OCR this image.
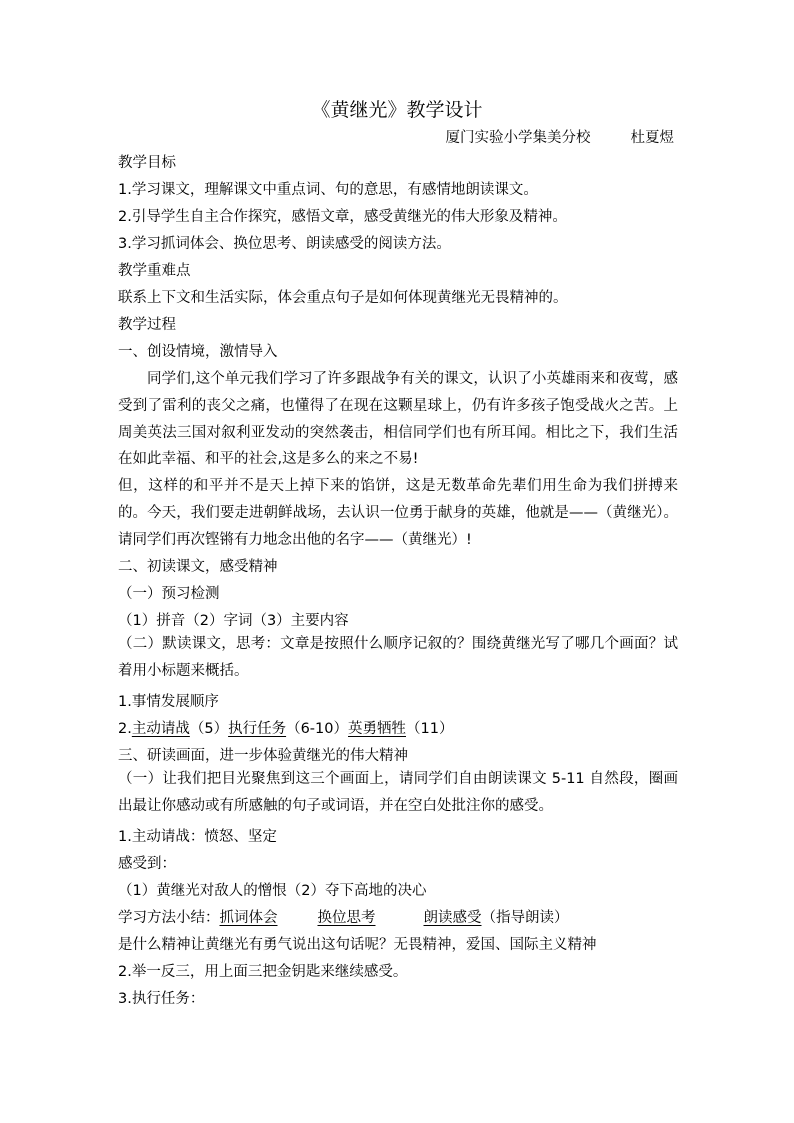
《黄继光》教学设计
厦门实验小学集美分校	杜夏煜
教学目标
1.学习课文，理解课文中重点词、句的意思，有感情地朗读课文。
2.引导学生自主合作探究，感悟文章，感受黄继光的伟大形象及精神。
3.学习抓词体会、换位思考、朗读感受的阅读方法。
教学重难点
联系上下文和生活实际，体会重点句子是如何体现黄继光无畏精神的。
教学过程
一、创设情境，激情导入
同学们,这个单元我们学习了许多跟战争有关的课文，认识了小英雄雨来和夜莺，感受到了雷利的丧父之痛，也懂得了在现在这颗星球上，仍有许多孩子饱受战火之苦。上周美英法三国对叙利亚发动的突然袭击，相信同学们也有所耳闻。相比之下，我们生活在如此幸福、和平的社会,这是多么的来之不易!
但，这样的和平并不是天上掉下来的馅饼，这是无数革命先辈们用生命为我们拼搏来的。今天，我们要走进朝鲜战场，去认识一位勇于献身的英雄，他就是——（黄继光）。请同学们再次铿锵有力地念出他的名字——（黄继光）!
二、初读课文，感受精神
（一）预习检测
（1）拼音（2）字词（3）主要内容
（二）默读课文，思考：文章是按照什么顺序记叙的？围绕黄继光写了哪几个画面？试着用小标题来概括。
1.事情发展顺序
2.主动请战（5）执行任务（6-10）英勇牺牲（11）
三、研读画面，进一步体验黄继光的伟大精神
（一）让我们把目光聚焦到这三个画面上，请同学们自由朗读课文 5-11 自然段，圈画出最让你感动或有所感触的句子或词语，并在空白处批注你的感受。
1.主动请战：愤怒、坚定
感受到：
（1）黄继光对敌人的憎恨（2）夺下高地的决心
学习方法小结：抓词体会	换位思考	朗读感受（指导朗读）
是什么精神让黄继光有勇气说出这句话呢？无畏精神，爱国、国际主义精神
2.举一反三，用上面三把金钥匙来继续感受。
3.执行任务：
